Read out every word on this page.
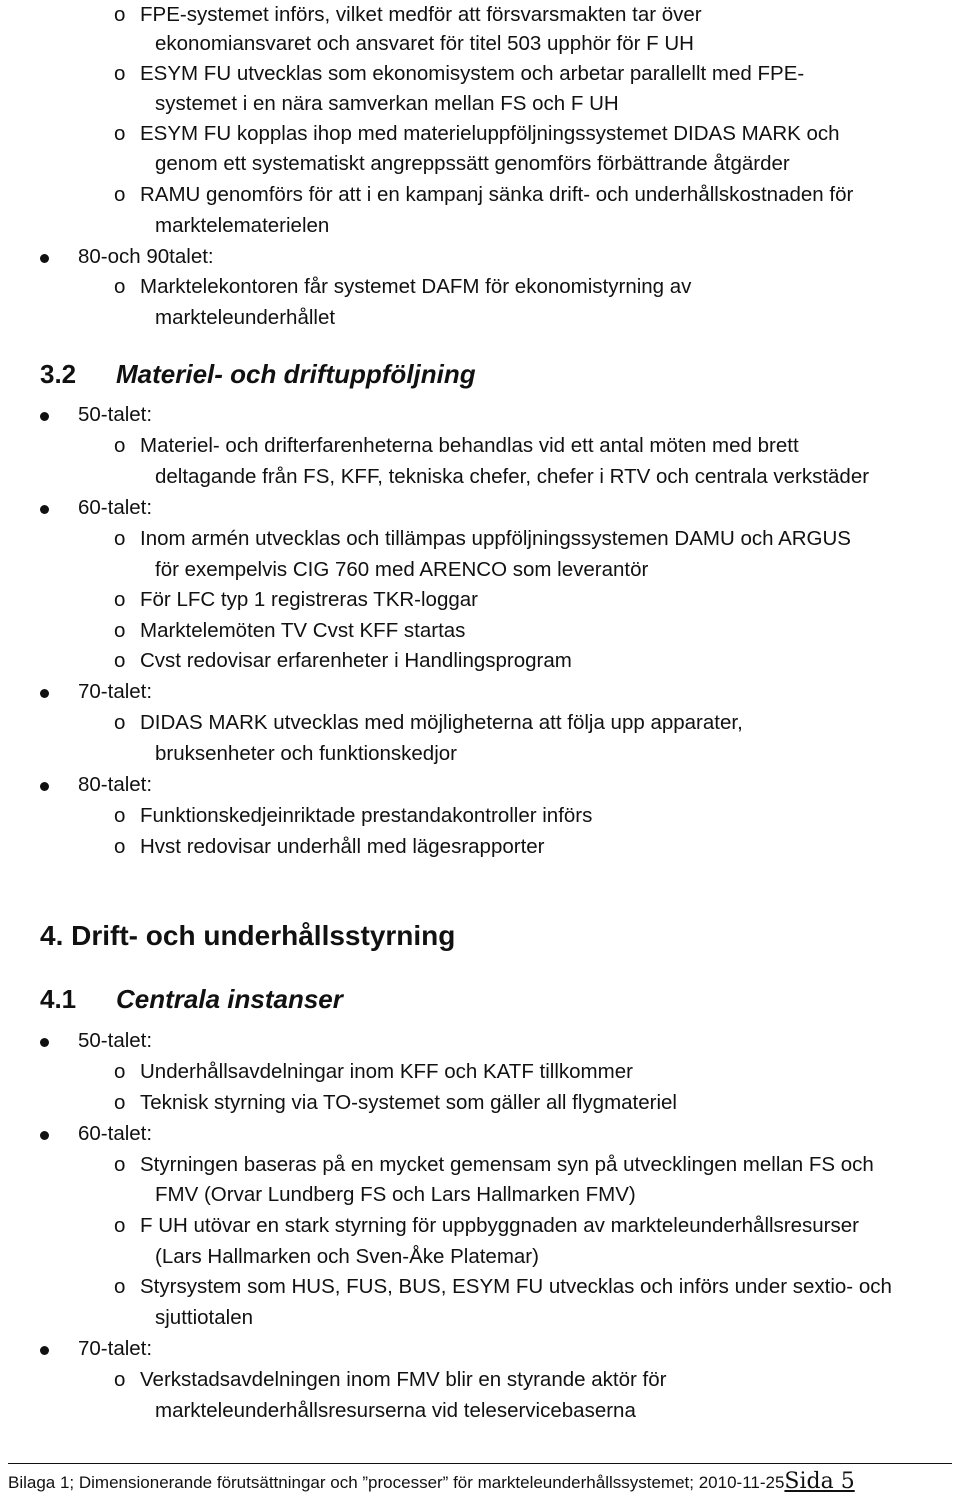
o FPE-systemet införs, vilket medför att försvarsmakten tar över
ekonomiansvaret och ansvaret för titel 503 upphör för F UH
o ESYM FU utvecklas som ekonomisystem och arbetar parallellt med FPE-
systemet i en nära samverkan mellan FS och F UH
o ESYM FU kopplas ihop med materieluppföljningssystemet DIDAS MARK och
genom ett systematiskt angreppssätt genomförs förbättrande åtgärder
o RAMU genomförs för att i en kampanj sänka drift- och underhållskostnaden för
marktelematerielen
80-och 90talet:
o Marktelekontoren får systemet DAFM för ekonomistyrning av
markteleunderhållet
3.2 Materiel- och driftuppföljning
50-talet:
o Materiel- och drifterfarenheterna behandlas vid ett antal möten med brett
deltagande från FS, KFF, tekniska chefer, chefer i RTV och centrala verkstäder
60-talet:
o Inom armén utvecklas och tillämpas uppföljningssystemen DAMU och ARGUS
för exempelvis CIG 760 med ARENCO som leverantör
o För LFC typ 1 registreras TKR-loggar
o Marktelemöten TV Cvst KFF startas
o Cvst redovisar erfarenheter i Handlingsprogram
70-talet:
o DIDAS MARK utvecklas med möjligheterna att följa upp apparater,
bruksenheter och funktionskedjor
80-talet:
o Funktionskedjeinriktade prestandakontroller införs
o Hvst redovisar underhåll med lägesrapporter
4. Drift- och underhållsstyrning
4.1 Centrala instanser
50-talet:
o Underhållsavdelningar inom KFF och KATF tillkommer
o Teknisk styrning via TO-systemet som gäller all flygmateriel
60-talet:
o Styrningen baseras på en mycket gemensam syn på utvecklingen mellan FS och
FMV (Orvar Lundberg FS och Lars Hallmarken FMV)
o F UH utövar en stark styrning för uppbyggnaden av markteleunderhållsresurser
(Lars Hallmarken och Sven-Åke Platemar)
o Styrsystem som HUS, FUS, BUS, ESYM FU utvecklas och införs under sextio- och
sjuttiotalen
70-talet:
o Verkstadsavdelningen inom FMV blir en styrande aktör för
markteleunderhållsresurserna vid teleservicebaserna
Bilaga 1; Dimensionerande förutsättningar och ”processer” för markteleunderhållssystemet; 2010-11-25Sida 5
